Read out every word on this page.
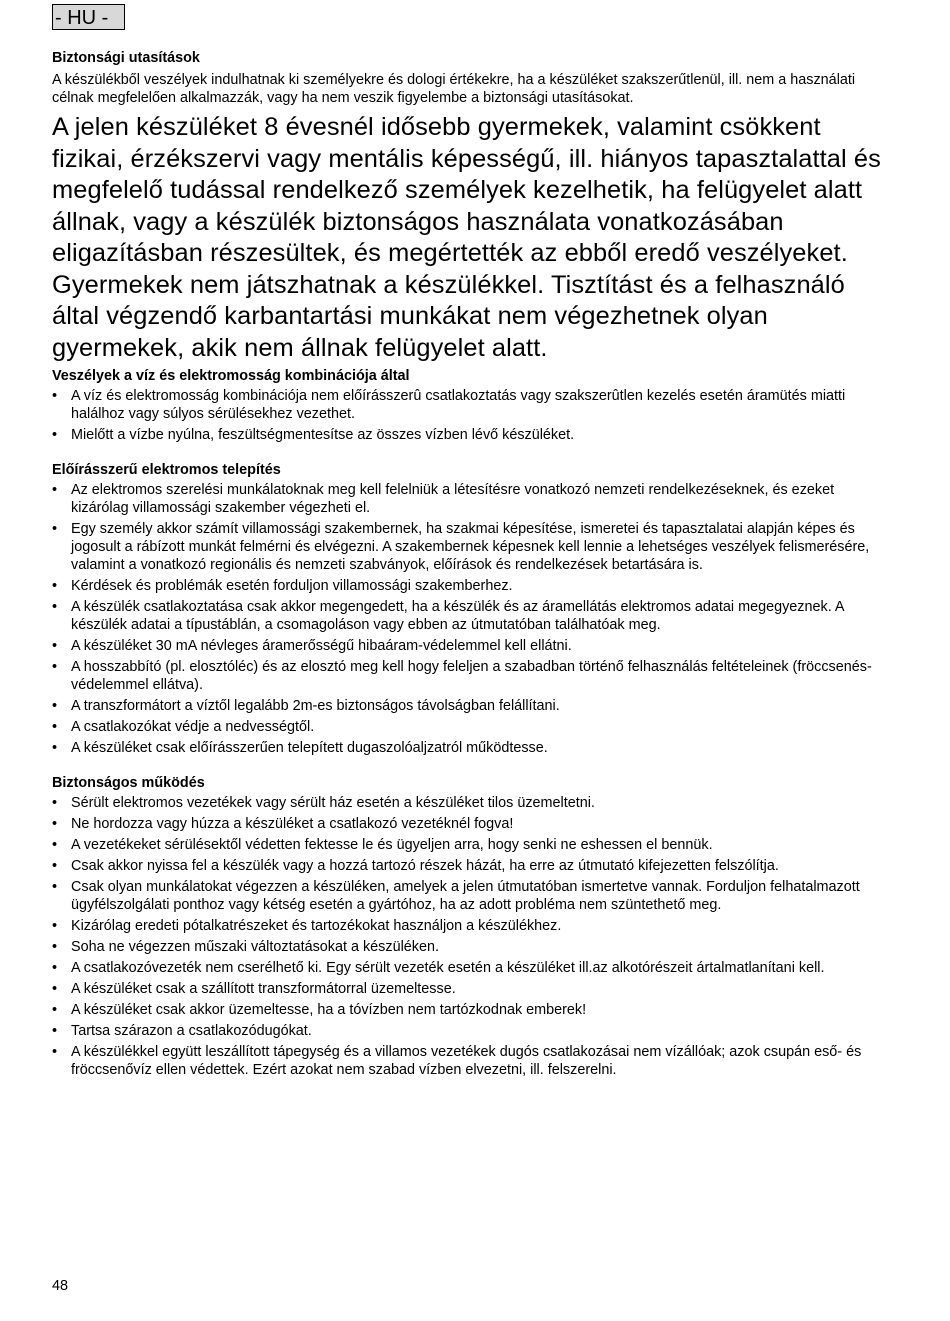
- HU -
Biztonsági utasítások

A készülékből veszélyek indulhatnak ki személyekre és dologi értékekre, ha a készüléket szakszerűtlenül, ill. nem a használati célnak megfelelően alkalmazzák, vagy ha nem veszik figyelembe a biztonsági utasításokat.

A jelen készüléket 8 évesnél idősebb gyermekek, valamint csökkent fizikai, érzékszervi vagy mentális képességű, ill. hiányos tapasztalattal és megfelelő tudással rendelkező személyek kezelhetik, ha felügyelet alatt állnak, vagy a készülék biztonságos használata vonatkozásában eligazításban részesültek, és megértették az ebből eredő veszélyeket. Gyermekek nem játszhatnak a készülékkel. Tisztítást és a felhasználó által végzendő karbantartási munkákat nem végezhetnek olyan gyermekek, akik nem állnak felügyelet alatt.

Veszélyek a víz és elektromosság kombinációja által
• A víz és elektromosság kombinációja nem előírásszerû csatlakoztatás vagy szakszerûtlen kezelés esetén áramütés miatti halálhoz vagy súlyos sérülésekhez vezethet.
• Mielőtt a vízbe nyúlna, feszültségmentesítse az összes vízben lévő készüléket.
Előírásszerű elektromos telepítés
• Az elektromos szerelési munkálatoknak meg kell felelniük a létesítésre vonatkozó nemzeti rendelkezéseknek, és ezeket kizárólag villamossági szakember végezheti el.
• Egy személy akkor számít villamossági szakembernek, ha szakmai képesítése, ismeretei és tapasztalatai alapján képes és jogosult a rábízott munkát felmérni és elvégezni. A szakembernek képesnek kell lennie a lehetséges veszélyek felismerésére, valamint a vonatkozó regionális és nemzeti szabványok, előírások és rendelkezések betartására is.
• Kérdések és problémák esetén forduljon villamossági szakemberhez.
• A készülék csatlakoztatása csak akkor megengedett, ha a készülék és az áramellátás elektromos adatai megegyeznek. A készülék adatai a típustáblán, a csomagoláson vagy ebben az útmutatóban találhatóak meg.
• A készüléket 30 mA névleges áramerősségű hibaáram-védelemmel kell ellátni.
• A hosszabbító (pl. elosztóléc) és az elosztó meg kell hogy feleljen a szabadban történő felhasználás feltételeinek (fröccsenés-védelemmel ellátva).
• A transzformátort a víztől legalább 2m-es biztonságos távolságban felállítani.
• A csatlakozókat védje a nedvességtől.
• A készüléket csak előírásszerűen telepített dugaszolóaljzatról működtesse.
Biztonságos működés
• Sérült elektromos vezetékek vagy sérült ház esetén a készüléket tilos üzemeltetni.
• Ne hordozza vagy húzza a készüléket a csatlakozó vezetéknél fogva!
• A vezetékeket sérülésektől védetten fektesse le és ügyeljen arra, hogy senki ne eshessen el bennük.
• Csak akkor nyissa fel a készülék vagy a hozzá tartozó részek házát, ha erre az útmutató kifejezetten felszólítja.
• Csak olyan munkálatokat végezzen a készüléken, amelyek a jelen útmutatóban ismertetve vannak. Forduljon felhatalmazott ügyfélszolgálati ponthoz vagy kétség esetén a gyártóhoz, ha az adott probléma nem szüntethető meg.
• Kizárólag eredeti pótalkatrészeket és tartozékokat használjon a készülékhez.
• Soha ne végezzen műszaki változtatásokat a készüléken.
• A csatlakozóvezeték nem cserélhető ki. Egy sérült vezeték esetén a készüléket ill.az alkotórészeit ártalmatlanítani kell.
• A készüléket csak a szállított transzformátorral üzemeltesse.
• A készüléket csak akkor üzemeltesse, ha a tóvízben nem tartózkodnak emberek!
• Tartsa szárazon a csatlakozódugókat.
• A készülékkel együtt leszállított tápegység és a villamos vezetékek dugós csatlakozásai nem vízállóak; azok csupán eső- és fröccsenővíz ellen védettek. Ezért azokat nem szabad vízben elvezetni, ill. felszerelni.
48
